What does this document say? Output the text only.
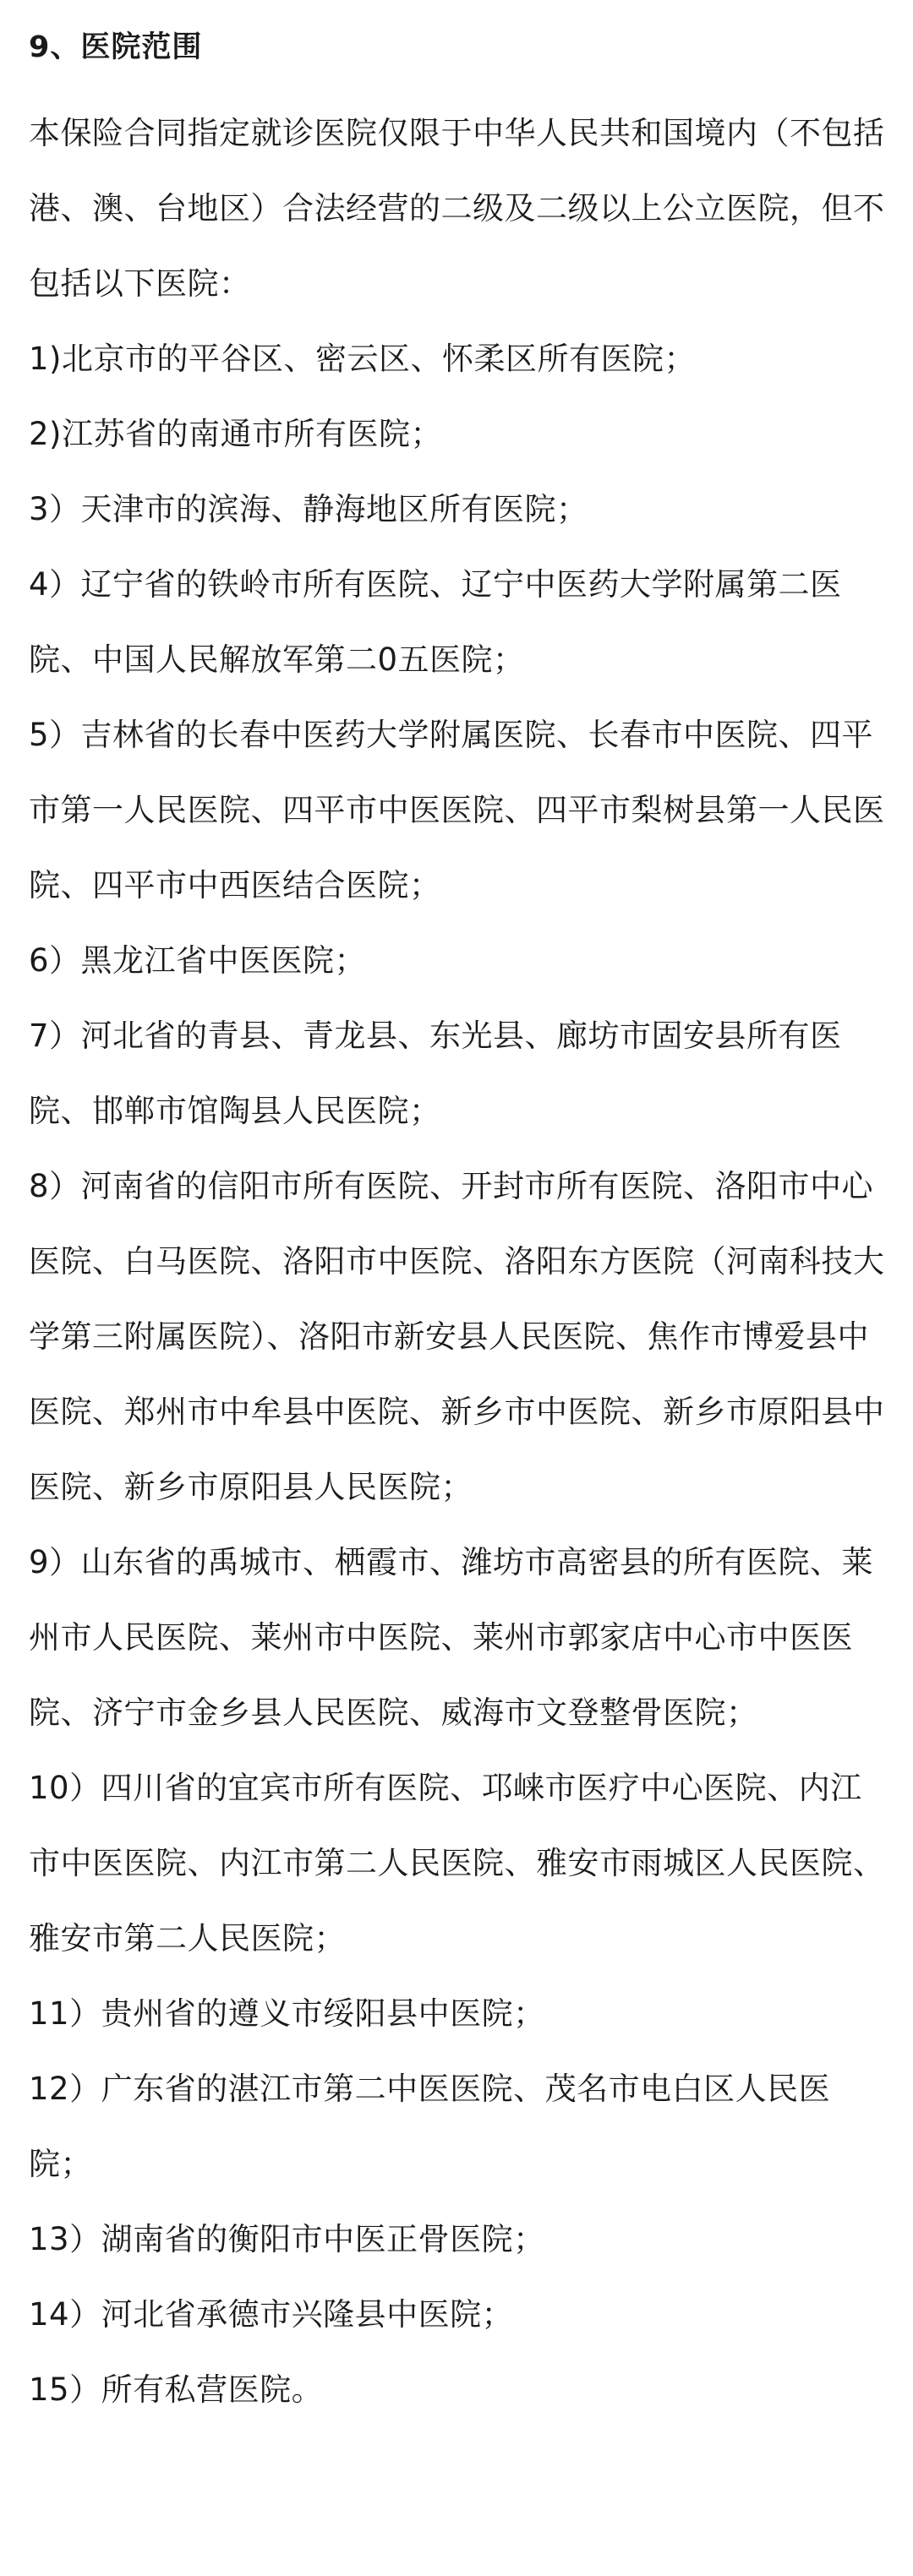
9、医院范围

本保险合同指定就诊医院仅限于中华人民共和国境内（不包括港、澳、台地区）合法经营的二级及二级以上公立医院，但不包括以下医院：

1)北京市的平谷区、密云区、怀柔区所有医院；

2)江苏省的南通市所有医院；

3）天津市的滨海、静海地区所有医院；

4）辽宁省的铁岭市所有医院、辽宁中医药大学附属第二医院、中国人民解放军第二0五医院；

5）吉林省的长春中医药大学附属医院、长春市中医院、四平市第一人民医院、四平市中医医院、四平市梨树县第一人民医院、四平市中西医结合医院；

6）黑龙江省中医医院；

7）河北省的青县、青龙县、东光县、廊坊市固安县所有医院、邯郸市馆陶县人民医院；

8）河南省的信阳市所有医院、开封市所有医院、洛阳市中心医院、白马医院、洛阳市中医院、洛阳东方医院（河南科技大学第三附属医院）、洛阳市新安县人民医院、焦作市博爱县中医院、郑州市中牟县中医院、新乡市中医院、新乡市原阳县中医院、新乡市原阳县人民医院；

9）山东省的禹城市、栖霞市、潍坊市高密县的所有医院、莱州市人民医院、莱州市中医院、莱州市郭家店中心市中医医院、济宁市金乡县人民医院、威海市文登整骨医院；

10）四川省的宜宾市所有医院、邛崃市医疗中心医院、内江市中医医院、内江市第二人民医院、雅安市雨城区人民医院、雅安市第二人民医院；

11）贵州省的遵义市绥阳县中医院；

12）广东省的湛江市第二中医医院、茂名市电白区人民医院；

13）湖南省的衡阳市中医正骨医院；

14）河北省承德市兴隆县中医院；

15）所有私营医院。
